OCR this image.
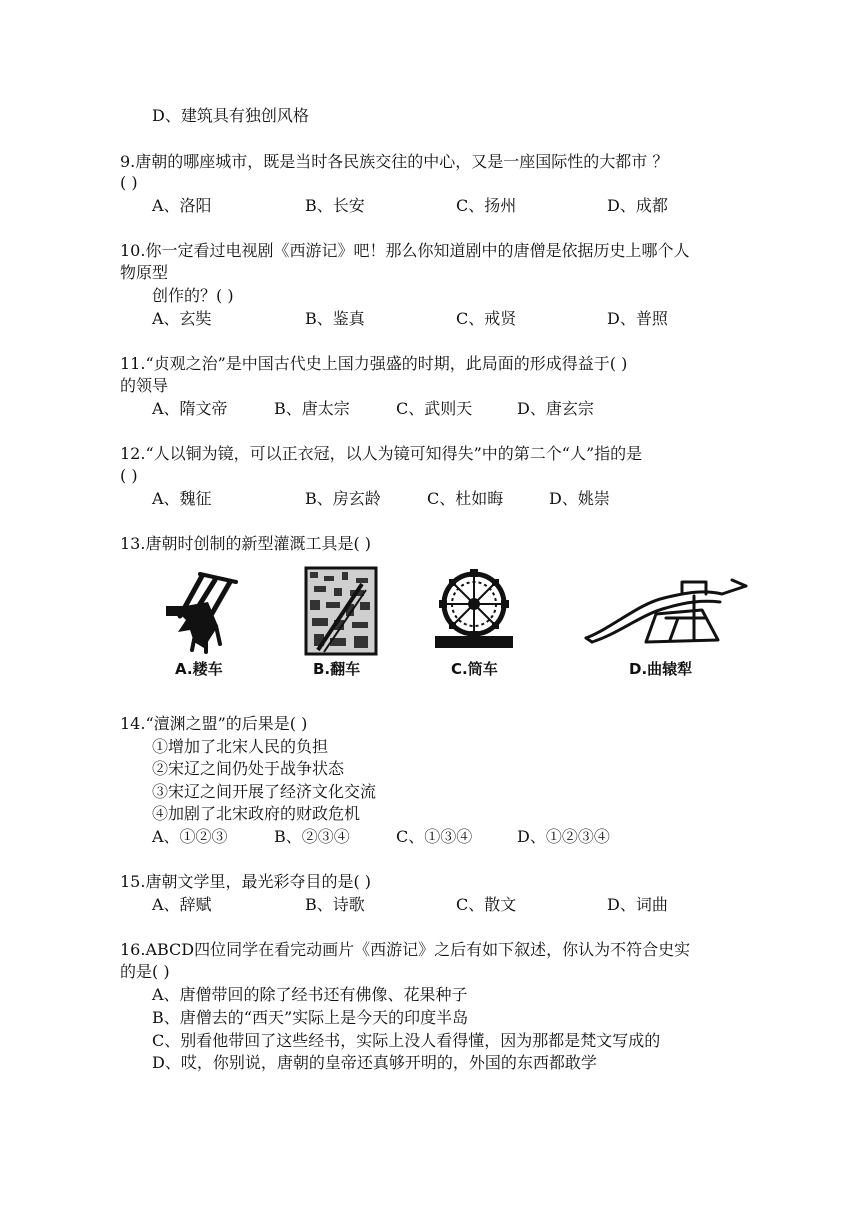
D、建筑具有独创风格
9.唐朝的哪座城市，既是当时各民族交往的中心，又是一座国际性的大都市 ？
( )
A、洛阳	B、长安	C、扬州	D、成都
10.你一定看过电视剧《西游记》吧！那么你知道剧中的唐僧是依据历史上哪个人
物原型
创作的？( )
A、玄奘	B、鉴真	C、戒贤	D、普照
11.“贞观之治”是中国古代史上国力强盛的时期，此局面的形成得益于( )
的领导
A、隋文帝	B、唐太宗	C、武则天	D、唐玄宗
12.“人以铜为镜，可以正衣冠，以人为镜可知得失”中的第二个“人”指的是
( )
A、魏征	B、房玄龄	C、杜如晦	D、姚崇
13.唐朝时创制的新型灌溉工具是( )
A.耧车	B.翻车	C.筒车	D.曲辕犁
14.“澶渊之盟”的后果是( )
①增加了北宋人民的负担
②宋辽之间仍处于战争状态
③宋辽之间开展了经济文化交流
④加剧了北宋政府的财政危机
A、①②③	B、②③④	C、①③④	D、①②③④
15.唐朝文学里，最光彩夺目的是( )
A、辞赋	B、诗歌	C、散文	D、词曲
16.ABCD四位同学在看完动画片《西游记》之后有如下叙述，你认为不符合史实
的是( )
A、唐僧带回的除了经书还有佛像、花果种子
B、唐僧去的“西天”实际上是今天的印度半岛
C、别看他带回了这些经书，实际上没人看得懂，因为那都是梵文写成的
D、哎，你别说，唐朝的皇帝还真够开明的，外国的东西都敢学
